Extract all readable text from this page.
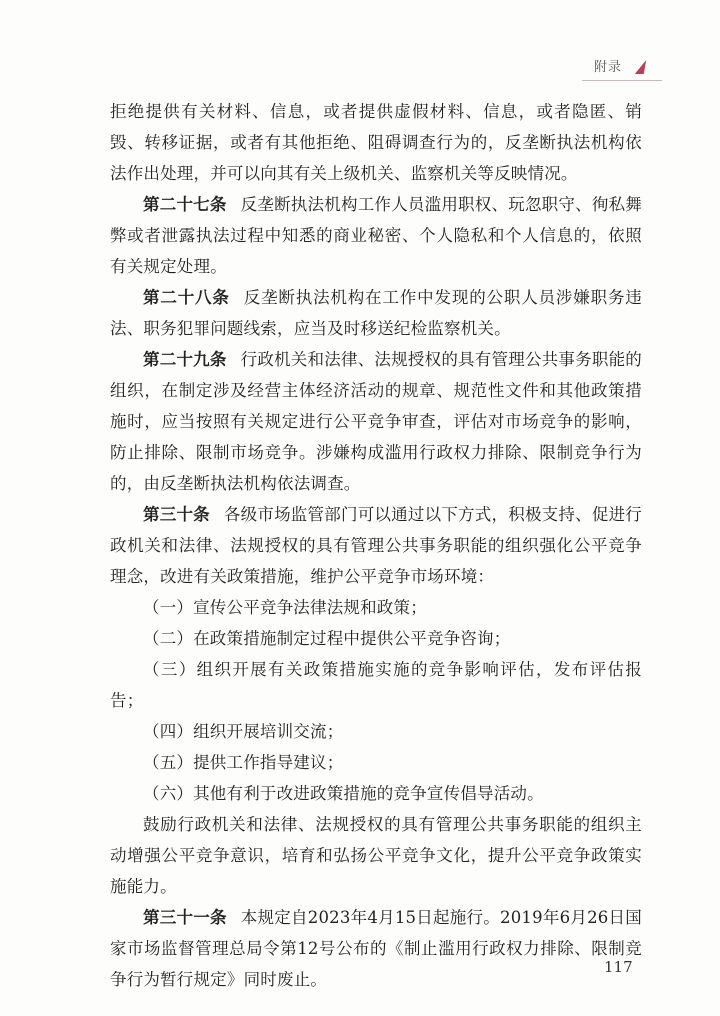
附录

拒绝提供有关材料、信息，或者提供虚假材料、信息，或者隐匿、销毁、转移证据，或者有其他拒绝、阻碍调查行为的，反垄断执法机构依法作出处理，并可以向其有关上级机关、监察机关等反映情况。

第二十七条 反垄断执法机构工作人员滥用职权、玩忽职守、徇私舞弊或者泄露执法过程中知悉的商业秘密、个人隐私和个人信息的，依照有关规定处理。

第二十八条 反垄断执法机构在工作中发现的公职人员涉嫌职务违法、职务犯罪问题线索，应当及时移送纪检监察机关。

第二十九条 行政机关和法律、法规授权的具有管理公共事务职能的组织，在制定涉及经营主体经济活动的规章、规范性文件和其他政策措施时，应当按照有关规定进行公平竞争审查，评估对市场竞争的影响，防止排除、限制市场竞争。涉嫌构成滥用行政权力排除、限制竞争行为的，由反垄断执法机构依法调查。

第三十条 各级市场监管部门可以通过以下方式，积极支持、促进行政机关和法律、法规授权的具有管理公共事务职能的组织强化公平竞争理念，改进有关政策措施，维护公平竞争市场环境：

（一）宣传公平竞争法律法规和政策；

（二）在政策措施制定过程中提供公平竞争咨询；

（三）组织开展有关政策措施实施的竞争影响评估，发布评估报告；

（四）组织开展培训交流；

（五）提供工作指导建议；

（六）其他有利于改进政策措施的竞争宣传倡导活动。

鼓励行政机关和法律、法规授权的具有管理公共事务职能的组织主动增强公平竞争意识，培育和弘扬公平竞争文化，提升公平竞争政策实施能力。

第三十一条 本规定自2023年4月15日起施行。2019年6月26日国家市场监督管理总局令第12号公布的《制止滥用行政权力排除、限制竞争行为暂行规定》同时废止。

117
